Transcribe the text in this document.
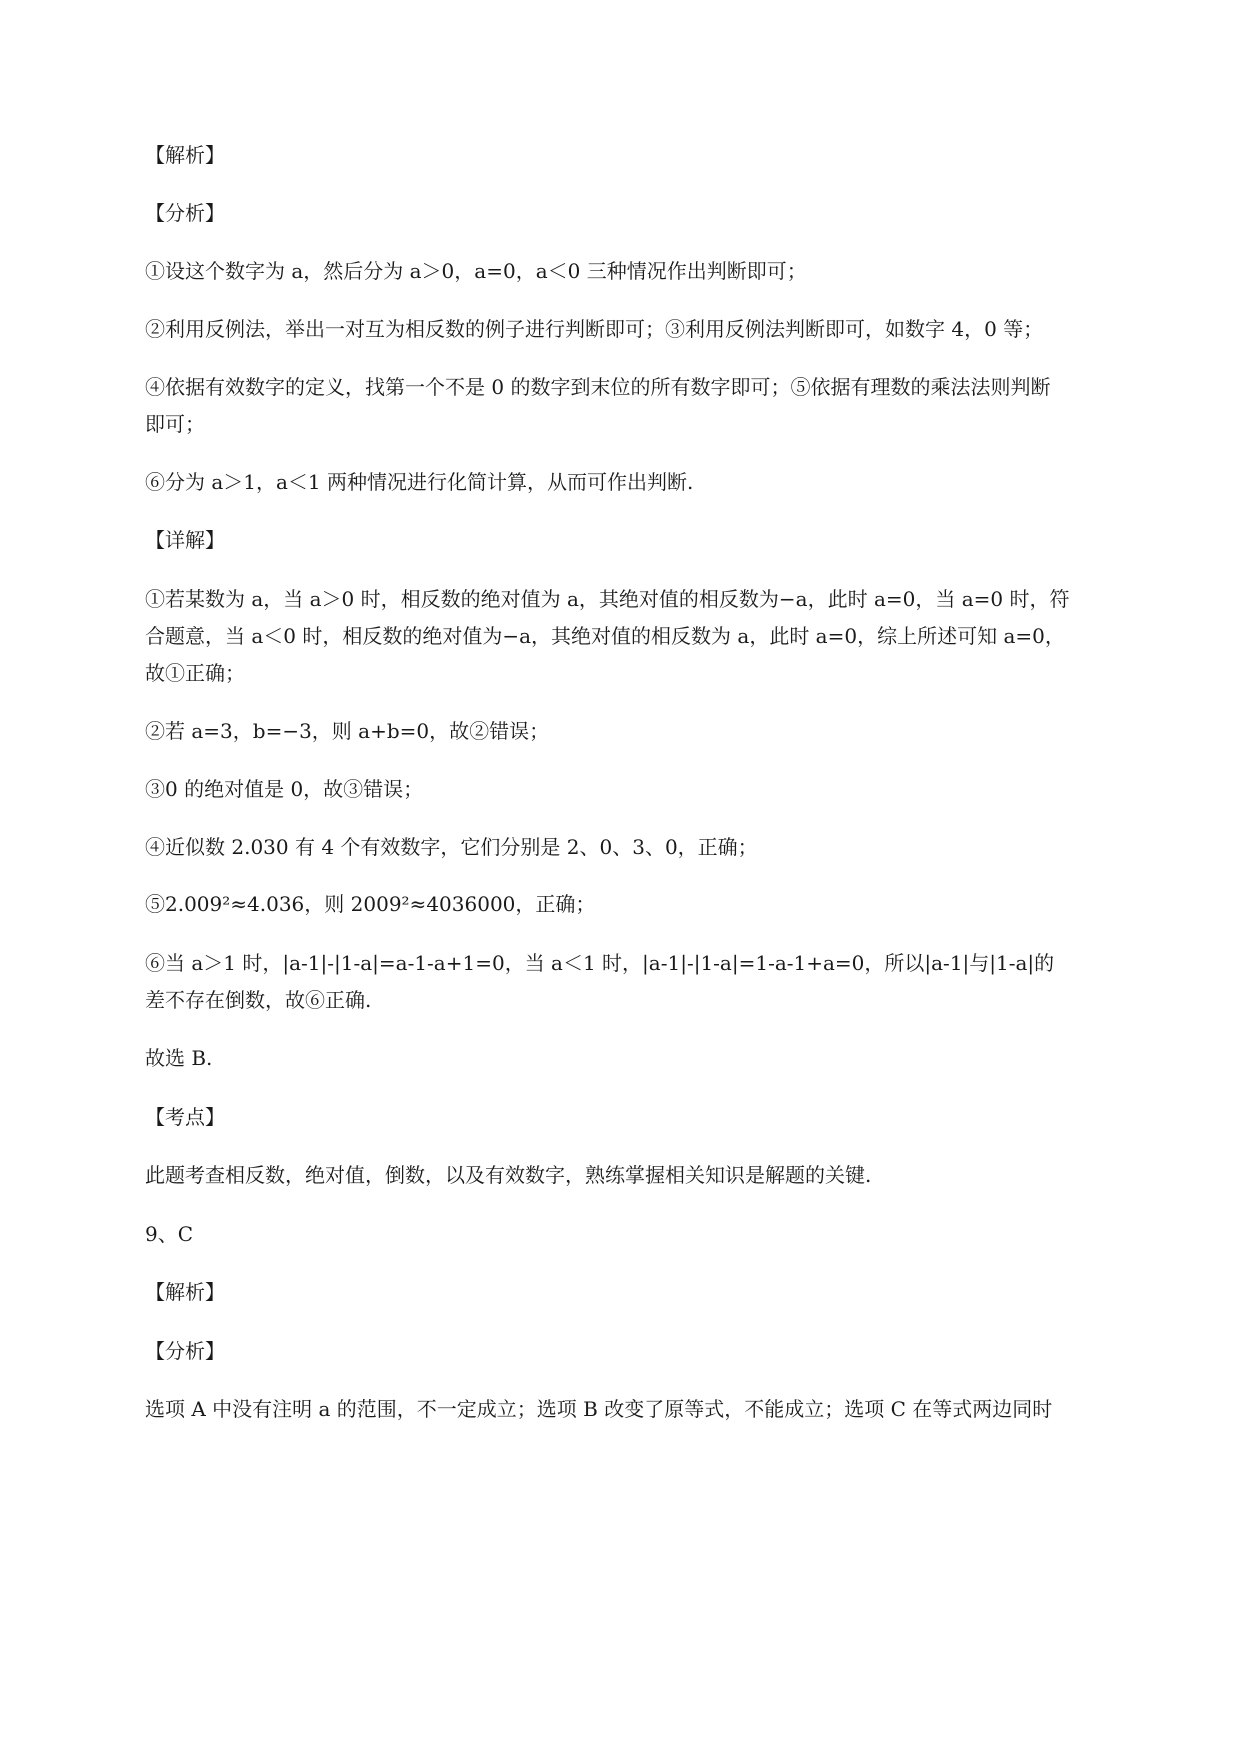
【解析】
【分析】
①设这个数字为 a，然后分为 a＞0，a=0，a＜0 三种情况作出判断即可；
②利用反例法，举出一对互为相反数的例子进行判断即可；③利用反例法判断即可，如数字 4，0 等；
④依据有效数字的定义，找第一个不是 0 的数字到末位的所有数字即可；⑤依据有理数的乘法法则判断
即可；
⑥分为 a＞1，a＜1 两种情况进行化简计算，从而可作出判断.
【详解】
①若某数为 a，当 a＞0 时，相反数的绝对值为 a，其绝对值的相反数为−a，此时 a=0，当 a=0 时，符
合题意，当 a＜0 时，相反数的绝对值为−a，其绝对值的相反数为 a，此时 a=0，综上所述可知 a=0，
故①正确；
②若 a=3，b=−3，则 a+b=0，故②错误；
③0 的绝对值是 0，故③错误；
④近似数 2.030 有 4 个有效数字，它们分别是 2、0、3、0，正确；
⑤2.009²≈4.036，则 2009²≈4036000，正确；
⑥当 a＞1 时，|a-1|-|1-a|=a-1-a+1=0，当 a＜1 时，|a-1|-|1-a|=1-a-1+a=0，所以|a-1|与|1-a|的
差不存在倒数，故⑥正确.
故选 B.
【考点】
此题考查相反数，绝对值，倒数，以及有效数字，熟练掌握相关知识是解题的关键.
9、C
【解析】
【分析】
选项 A 中没有注明 a 的范围，不一定成立；选项 B 改变了原等式，不能成立；选项 C 在等式两边同时
